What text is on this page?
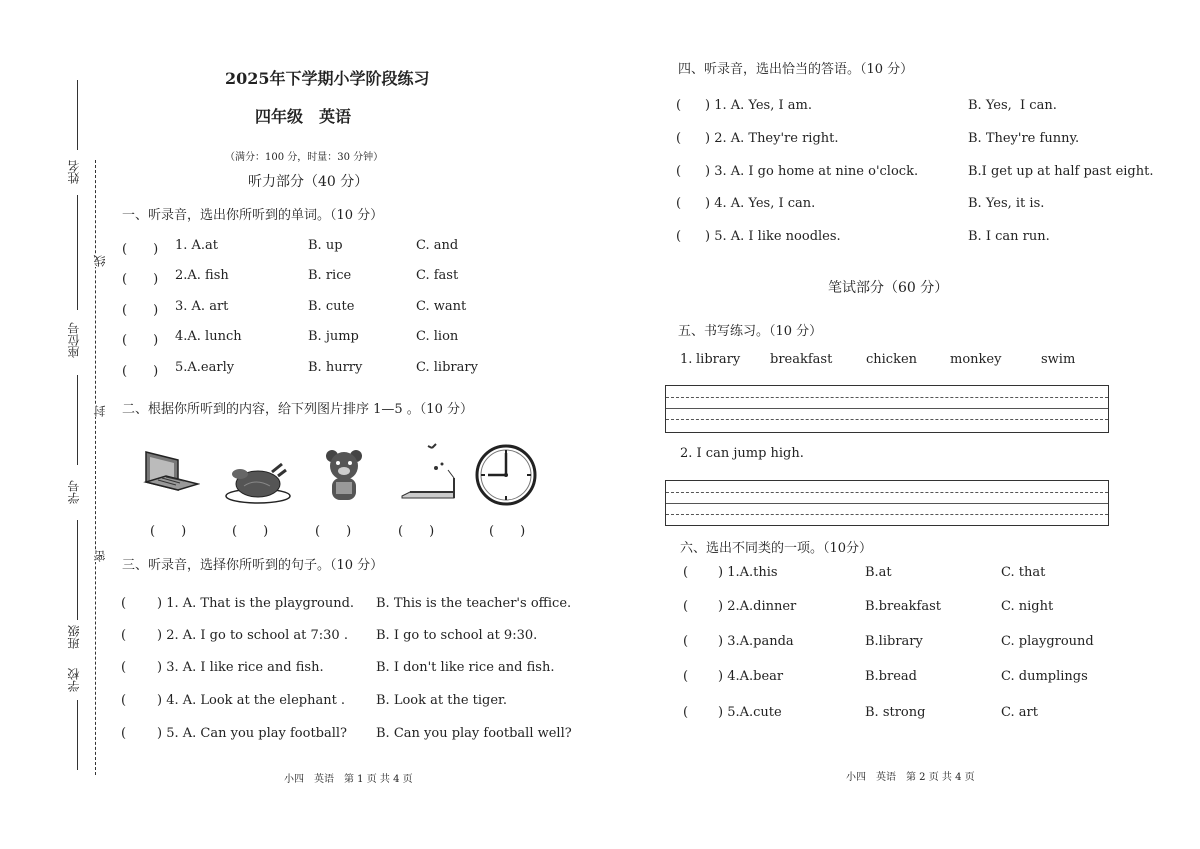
姓名
座位号
学号
班级
学校
线
封
密
2025年下学期小学阶段练习
四年级　英语
（满分：100 分，时量：30 分钟）
听力部分（40 分）
一、听录音，选出你所听到的单词。（10 分）
(　　) 1. A.at	B. up	C. and
(　　) 2.A. fish	B. rice	C. fast
(　　) 3. A. art	B. cute	C. want
(　　) 4.A. lunch	B. jump	C. lion
(　　) 5.A.early	B. hurry	C. library
二、根据你所听到的内容，给下列图片排序 1—5 。（10 分）
(　　)	(　　)	(　　)	(　　)	(　　)
三、听录音，选择你所听到的句子。（10 分）
( ) 1. A. That is the playground. B. This is the teacher's office.
( ) 2. A. I go to school at 7:30 . B. I go to school at 9:30.
( ) 3. A. I like rice and fish.	B. I don't like rice and fish.
( ) 4. A. Look at the elephant . B. Look at the tiger.
( ) 5. A. Can you play football? B. Can you play football well?
小四　英语　第 1 页 共 4 页
四、听录音，选出恰当的答语。（10 分）
( ) 1. A. Yes, I am.	B. Yes,  I can.
( ) 2. A. They're right.	B. They're funny.
( ) 3. A. I go home at nine o'clock.	B.I get up at half past eight.
( ) 4. A. Yes, I can.	B. Yes, it is.
( ) 5. A. I like noodles.	B. I can run.
笔试部分（60 分）
五、书写练习。（10 分）
1. library breakfast	chicken	monkey	swim
2. I can jump high.
六、选出不同类的一项。（10分）
( ) 1.A.this	B.at	C. that
( ) 2.A.dinner	B.breakfast	C. night
( ) 3.A.panda	B.library	C. playground
( ) 4.A.bear	B.bread	C. dumplings
( ) 5.A.cute	B. strong	C. art
小四　英语　第 2 页 共 4 页
